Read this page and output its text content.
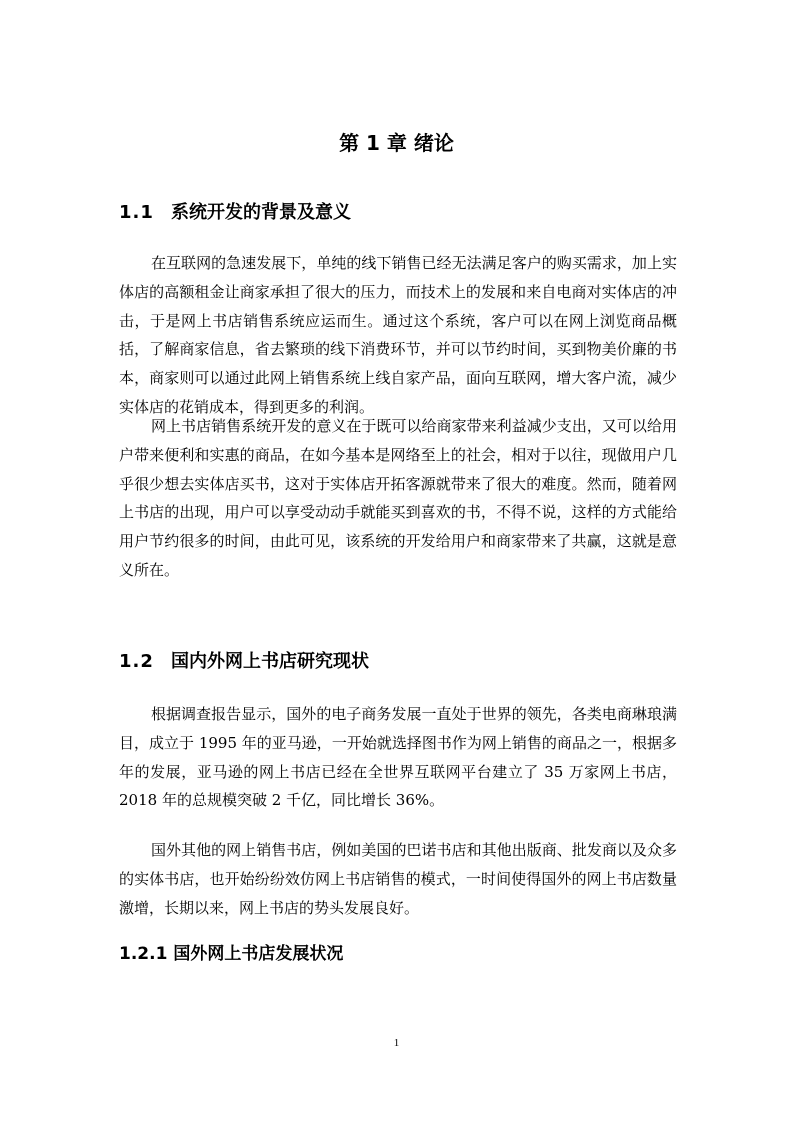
第 1 章 绪论
1.1 系统开发的背景及意义
在互联网的急速发展下，单纯的线下销售已经无法满足客户的购买需求，加上实体店的高额租金让商家承担了很大的压力，而技术上的发展和来自电商对实体店的冲击，于是网上书店销售系统应运而生。通过这个系统，客户可以在网上浏览商品概括，了解商家信息，省去繁琐的线下消费环节，并可以节约时间，买到物美价廉的书本，商家则可以通过此网上销售系统上线自家产品，面向互联网，增大客户流，减少实体店的花销成本，得到更多的利润。
网上书店销售系统开发的意义在于既可以给商家带来利益减少支出，又可以给用户带来便利和实惠的商品，在如今基本是网络至上的社会，相对于以往，现做用户几乎很少想去实体店买书，这对于实体店开拓客源就带来了很大的难度。然而，随着网上书店的出现，用户可以享受动动手就能买到喜欢的书，不得不说，这样的方式能给用户节约很多的时间，由此可见，该系统的开发给用户和商家带来了共赢，这就是意义所在。
1.2 国内外网上书店研究现状
根据调查报告显示，国外的电子商务发展一直处于世界的领先，各类电商琳琅满目，成立于 1995 年的亚马逊，一开始就选择图书作为网上销售的商品之一，根据多年的发展，亚马逊的网上书店已经在全世界互联网平台建立了 35 万家网上书店，2018 年的总规模突破 2 千亿，同比增长 36%。
国外其他的网上销售书店，例如美国的巴诺书店和其他出版商、批发商以及众多的实体书店，也开始纷纷效仿网上书店销售的模式，一时间使得国外的网上书店数量激增，长期以来，网上书店的势头发展良好。
1.2.1 国外网上书店发展状况
1
